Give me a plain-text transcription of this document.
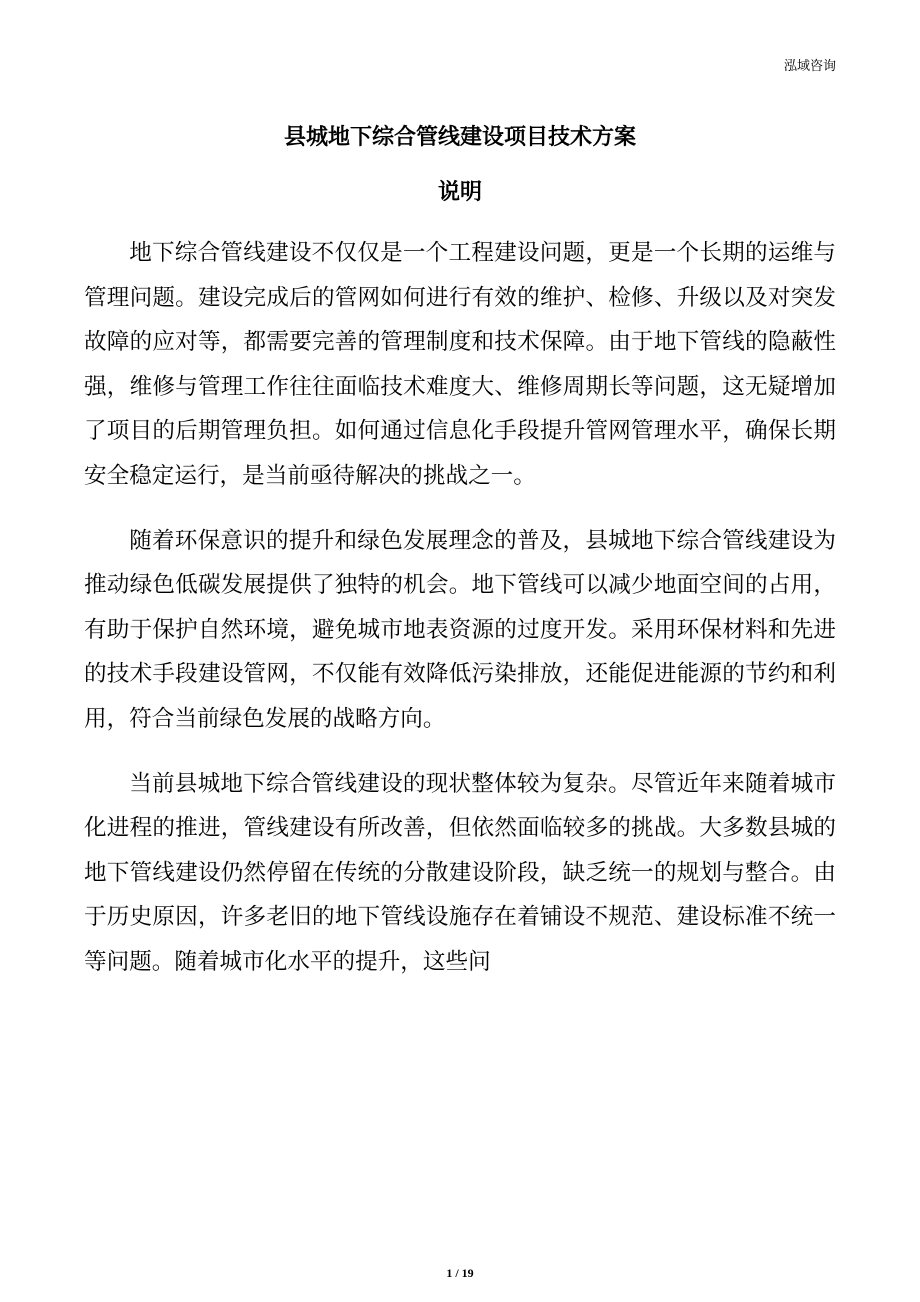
泓域咨询
县城地下综合管线建设项目技术方案
说明

地下综合管线建设不仅仅是一个工程建设问题，更是一个长期的运维与管理问题。建设完成后的管网如何进行有效的维护、检修、升级以及对突发故障的应对等，都需要完善的管理制度和技术保障。由于地下管线的隐蔽性强，维修与管理工作往往面临技术难度大、维修周期长等问题，这无疑增加了项目的后期管理负担。如何通过信息化手段提升管网管理水平，确保长期安全稳定运行，是当前亟待解决的挑战之一。

随着环保意识的提升和绿色发展理念的普及，县城地下综合管线建设为推动绿色低碳发展提供了独特的机会。地下管线可以减少地面空间的占用，有助于保护自然环境，避免城市地表资源的过度开发。采用环保材料和先进的技术手段建设管网，不仅能有效降低污染排放，还能促进能源的节约和利用，符合当前绿色发展的战略方向。

当前县城地下综合管线建设的现状整体较为复杂。尽管近年来随着城市化进程的推进，管线建设有所改善，但依然面临较多的挑战。大多数县城的地下管线建设仍然停留在传统的分散建设阶段，缺乏统一的规划与整合。由于历史原因，许多老旧的地下管线设施存在着铺设不规范、建设标准不统一等问题。随着城市化水平的提升，这些问

1 / 19
